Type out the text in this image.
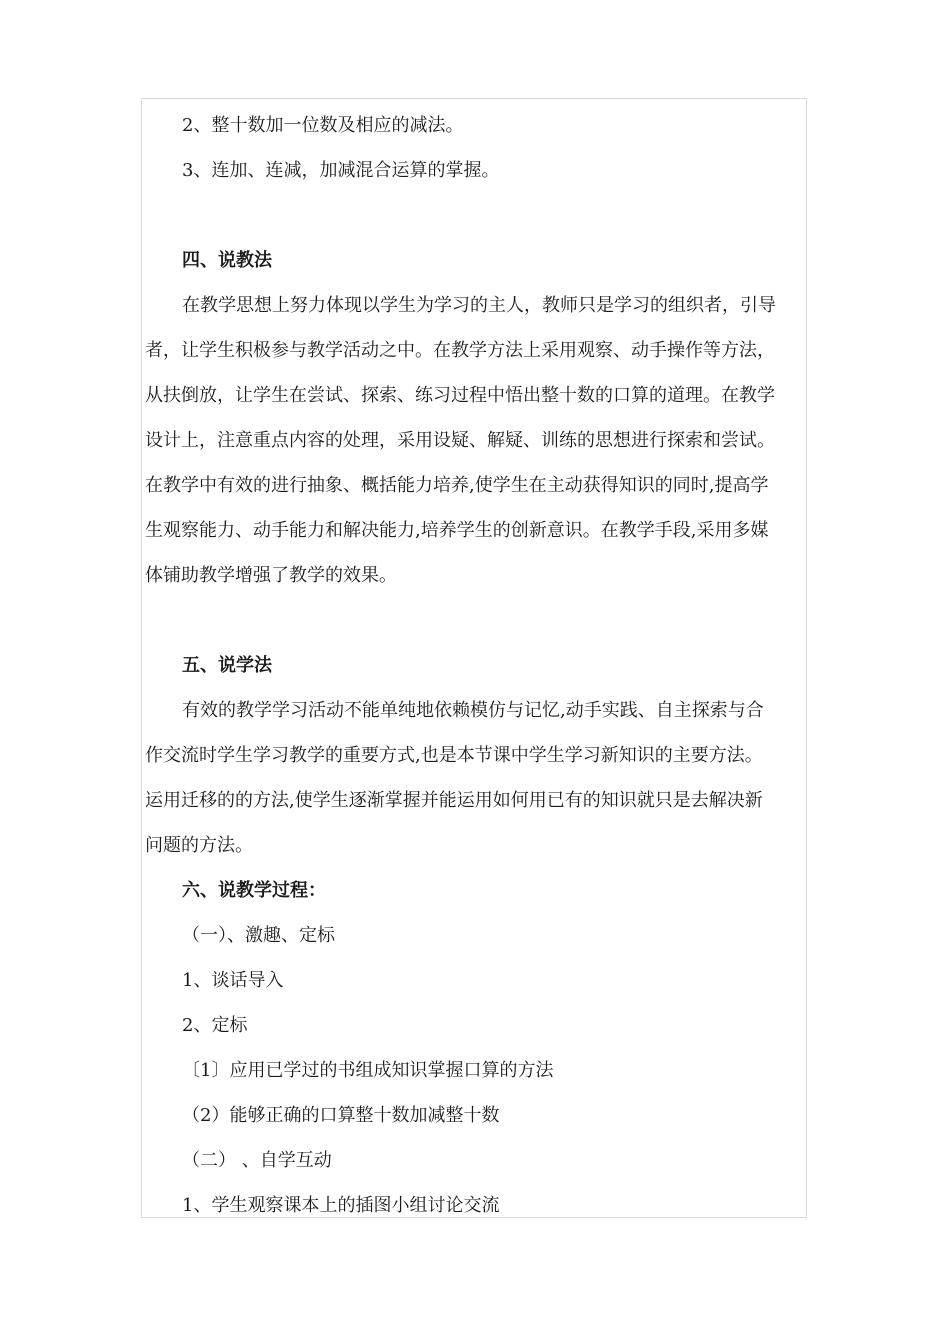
2、整十数加一位数及相应的减法。

3、连加、连减，加减混合运算的掌握。

四、说教法

在教学思想上努力体现以学生为学习的主人，教师只是学习的组织者，引导

者，让学生积极参与教学活动之中。在教学方法上采用观察、动手操作等方法，

从扶倒放，让学生在尝试、探索、练习过程中悟出整十数的口算的道理。在教学

设计上，注意重点内容的处理，采用设疑、解疑、训练的思想进行探索和尝试。

在教学中有效的进行抽象、概括能力培养,使学生在主动获得知识的同时,提高学

生观察能力、动手能力和解决能力,培养学生的创新意识。在教学手段,采用多媒

体铺助教学增强了教学的效果。

五、说学法

有效的教学学习活动不能单纯地依赖模仿与记忆,动手实践、自主探索与合

作交流时学生学习教学的重要方式,也是本节课中学生学习新知识的主要方法。

运用迁移的的方法,使学生逐渐掌握并能运用如何用已有的知识就只是去解决新

问题的方法。

六、说教学过程：

（一）、激趣、定标

1、谈话导入

2、定标

〔1〕应用已学过的书组成知识掌握口算的方法

（2）能够正确的口算整十数加减整十数

（二） 、自学互动

1、学生观察课本上的插图小组讨论交流
